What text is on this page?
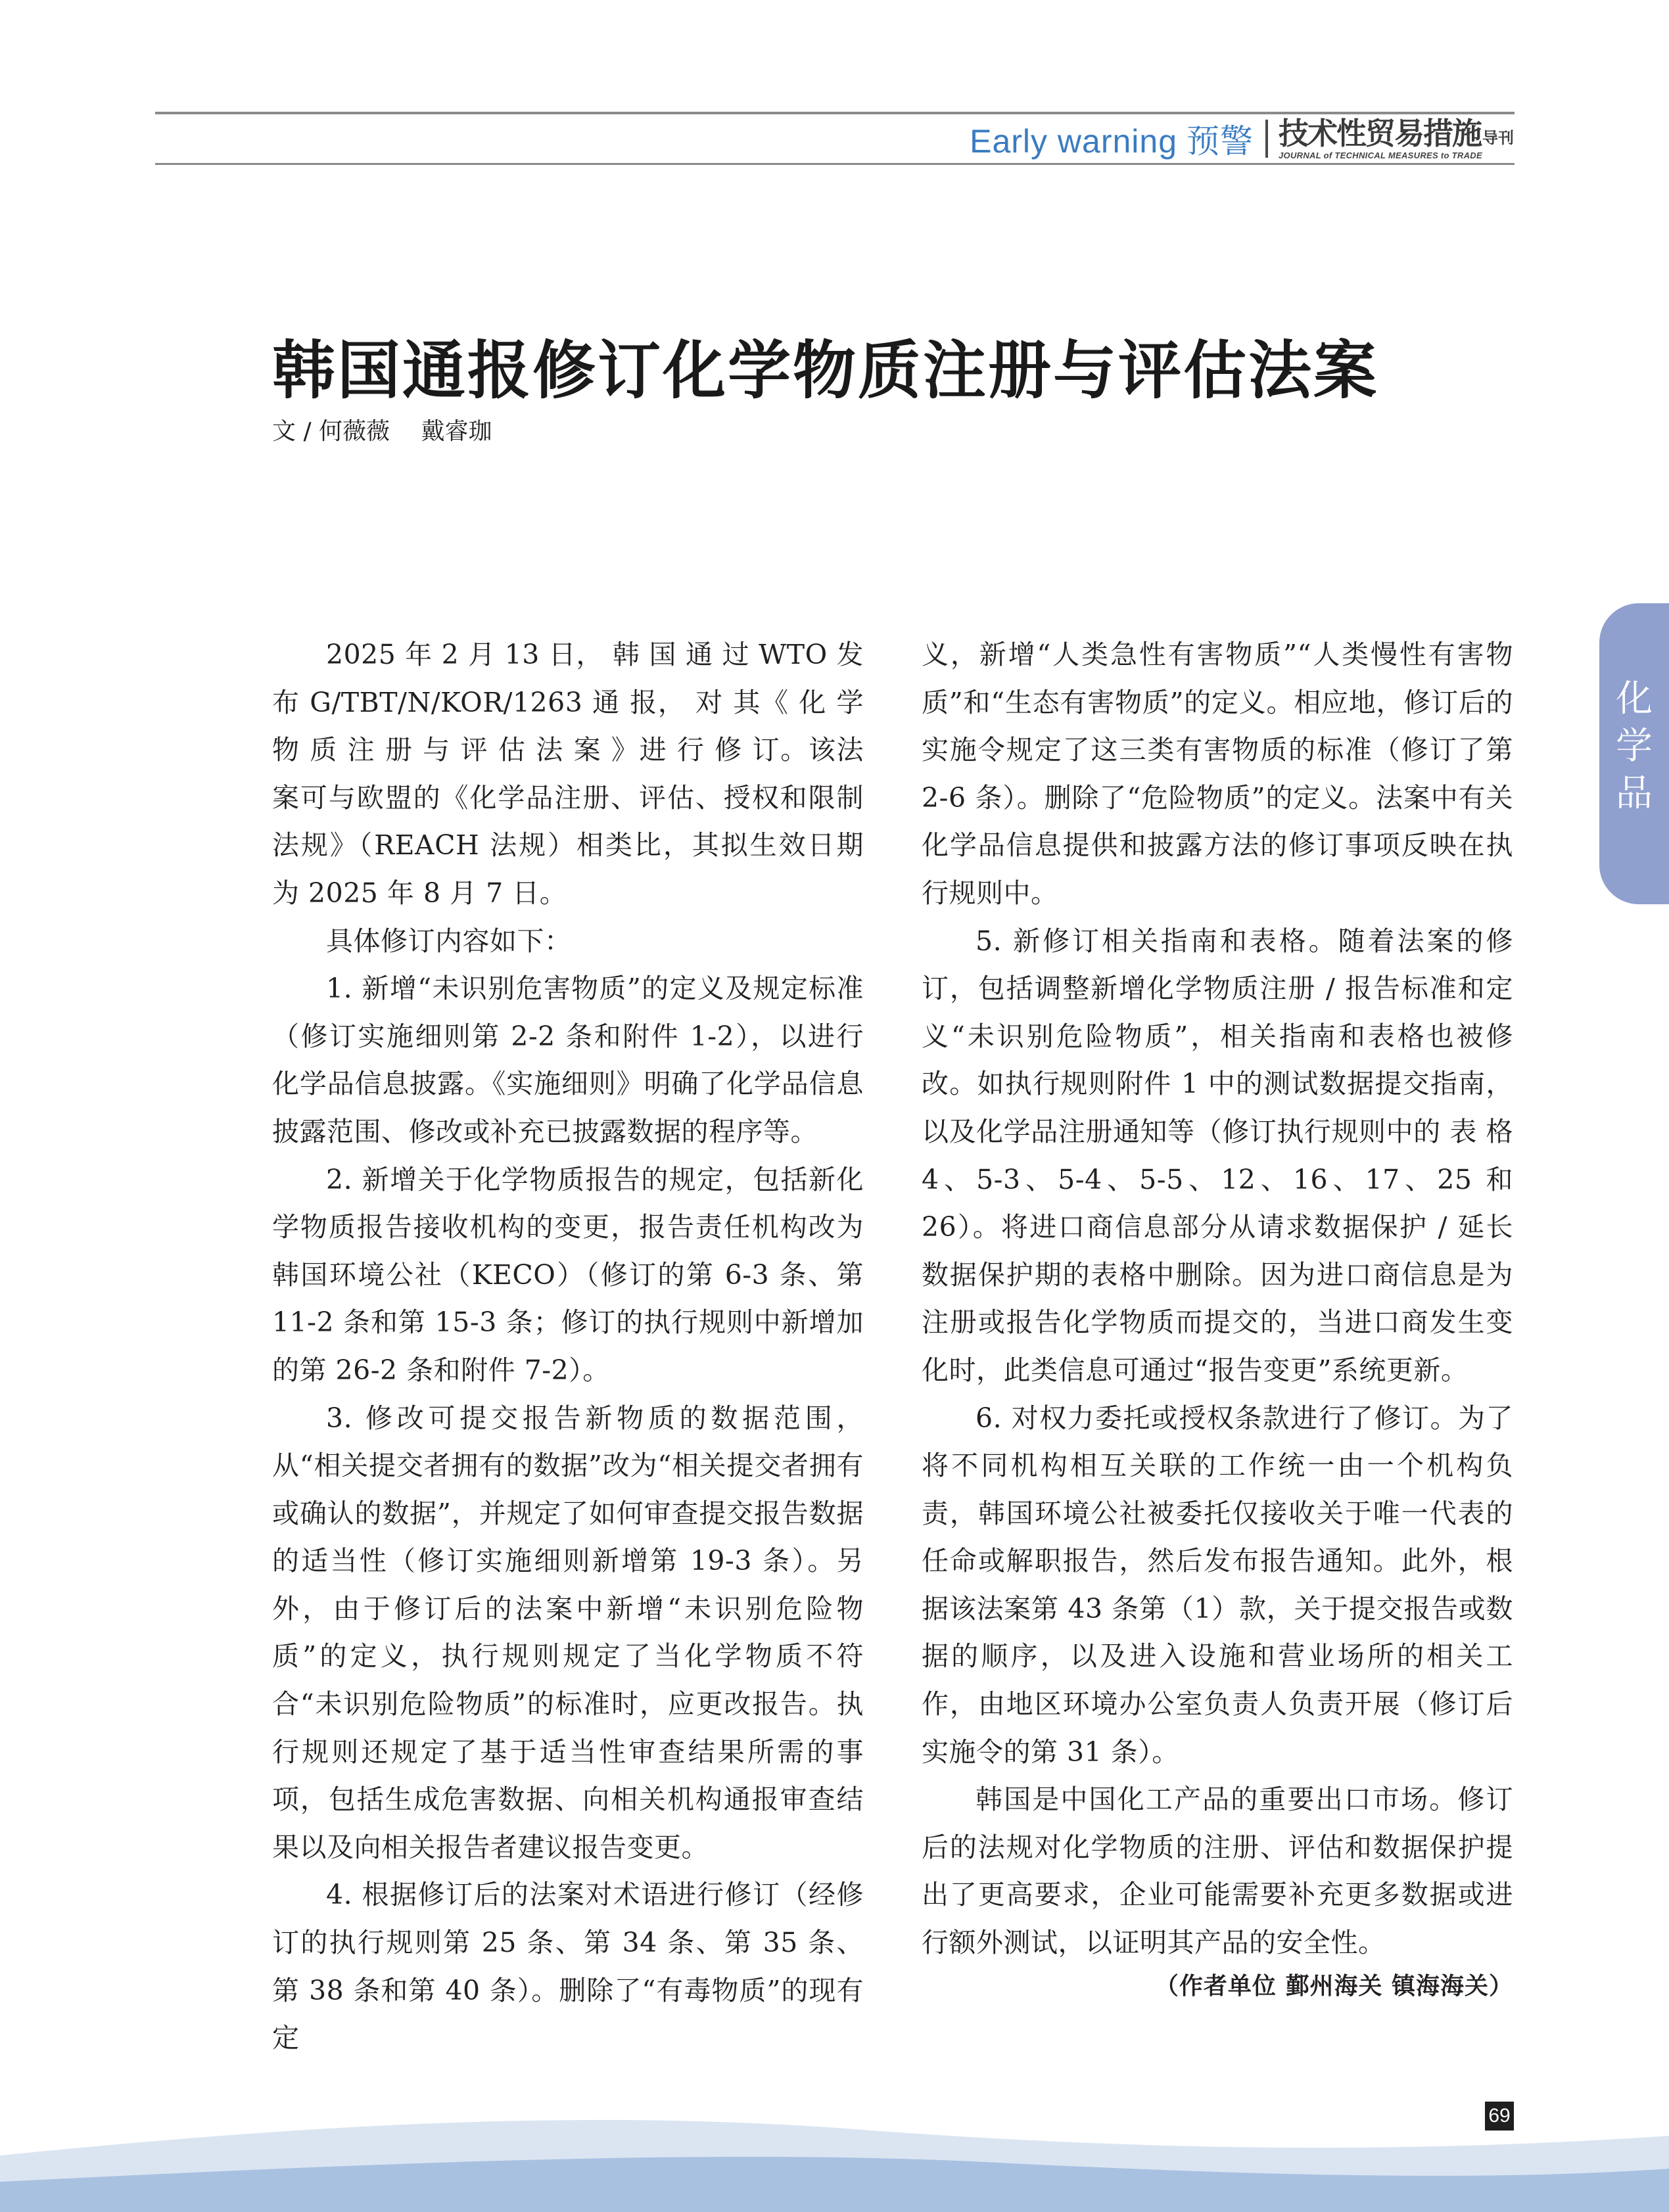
Early warning 预警 技术性贸易措施 导刊
JOURNAL of TECHNICAL MEASURES to TRADE
韩国通报修订化学物质注册与评估法案
文 / 何薇薇　 戴睿珈

2025 年 2 月 13 日， 韩 国 通 过 WTO 发 布 G/TBT/N/KOR/1263 通 报， 对 其《 化 学 物 质 注 册 与 评 估 法 案 》进 行 修 订。该法案可与欧盟的《化学品注册、评估、授权和限制法规》（REACH 法规）相类比，其拟生效日期为 2025 年 8 月 7 日。

具体修订内容如下：

1. 新增“未识别危害物质”的定义及规定标准（修订实施细则第 2-2 条和附件 1-2），以进行化学品信息披露。《实施细则》明确了化学品信息披露范围、修改或补充已披露数据的程序等。

2. 新增关于化学物质报告的规定，包括新化学物质报告接收机构的变更，报告责任机构改为韩国环境公社（KECO）（修订的第 6-3 条、第 11-2 条和第 15-3 条；修订的执行规则中新增加的第 26-2 条和附件 7-2）。

3. 修改可提交报告新物质的数据范围，从“相关提交者拥有的数据”改为“相关提交者拥有或确认的数据”，并规定了如何审查提交报告数据的适当性（修订实施细则新增第 19-3 条）。另外，由于修订后的法案中新增“未识别危险物质”的定义，执行规则规定了当化学物质不符合“未识别危险物质”的标准时，应更改报告。执行规则还规定了基于适当性审查结果所需的事项，包括生成危害数据、向相关机构通报审查结果以及向相关报告者建议报告变更。

4. 根据修订后的法案对术语进行修订（经修订的执行规则第 25 条、第 34 条、第 35 条、第 38 条和第 40 条）。删除了“有毒物质”的现有定

义，新增“人类急性有害物质”“人类慢性有害物质”和“生态有害物质”的定义。相应地，修订后的实施令规定了这三类有害物质的标准（修订了第 2-6 条）。删除了“危险物质”的定义。法案中有关化学品信息提供和披露方法的修订事项反映在执行规则中。

5. 新修订相关指南和表格。随着法案的修订，包括调整新增化学物质注册 / 报告标准和定义“未识别危险物质”，相关指南和表格也被修改。如执行规则附件 1 中的测试数据提交指南，以及化学品注册通知等（修订执行规则中的 表 格 4、5-3、5-4、5-5、12、16、17、25 和 26）。将进口商信息部分从请求数据保护 / 延长数据保护期的表格中删除。因为进口商信息是为注册或报告化学物质而提交的，当进口商发生变化时，此类信息可通过“报告变更”系统更新。

6. 对权力委托或授权条款进行了修订。为了将不同机构相互关联的工作统一由一个机构负责，韩国环境公社被委托仅接收关于唯一代表的任命或解职报告，然后发布报告通知。此外，根据该法案第 43 条第（1）款，关于提交报告或数据的顺序，以及进入设施和营业场所的相关工作，由地区环境办公室负责人负责开展（修订后实施令的第 31 条）。

韩国是中国化工产品的重要出口市场。修订后的法规对化学物质的注册、评估和数据保护提出了更高要求，企业可能需要补充更多数据或进行额外测试，以证明其产品的安全性。

（作者单位 鄞州海关 镇海海关）

化
学
品
69
